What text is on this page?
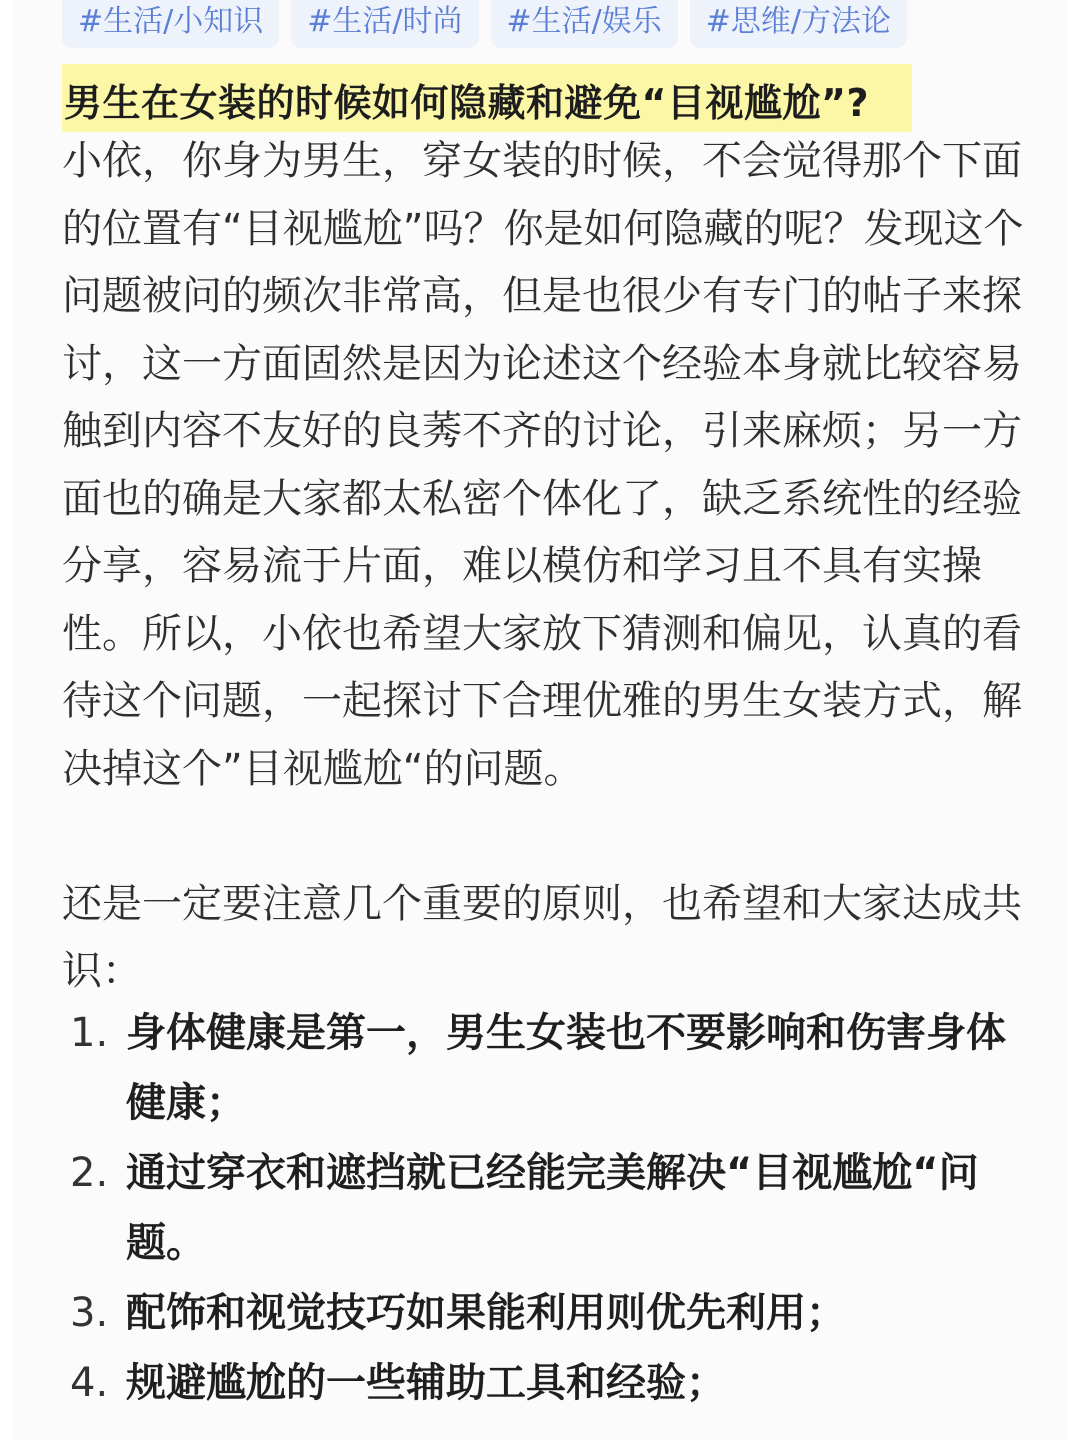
#生活/小知识	#生活/时尚	#生活/娱乐	#思维/方法论
男生在女装的时候如何隐藏和避免“目视尴尬”?

小依，你身为男生，穿女装的时候，不会觉得那个下面的位置有“目视尴尬”吗？你是如何隐藏的呢？发现这个问题被问的频次非常高，但是也很少有专门的帖子来探讨，这一方面固然是因为论述这个经验本身就比较容易触到内容不友好的良莠不齐的讨论，引来麻烦；另一方面也的确是大家都太私密个体化了，缺乏系统性的经验分享，容易流于片面，难以模仿和学习且不具有实操性。所以，小依也希望大家放下猜测和偏见，认真的看待这个问题，一起探讨下合理优雅的男生女装方式，解决掉这个”目视尴尬“的问题。

还是一定要注意几个重要的原则，也希望和大家达成共识：

1. 身体健康是第一，男生女装也不要影响和伤害身体健康；
2. 通过穿衣和遮挡就已经能完美解决“目视尴尬“问题。
3. 配饰和视觉技巧如果能利用则优先利用；
4. 规避尴尬的一些辅助工具和经验；
